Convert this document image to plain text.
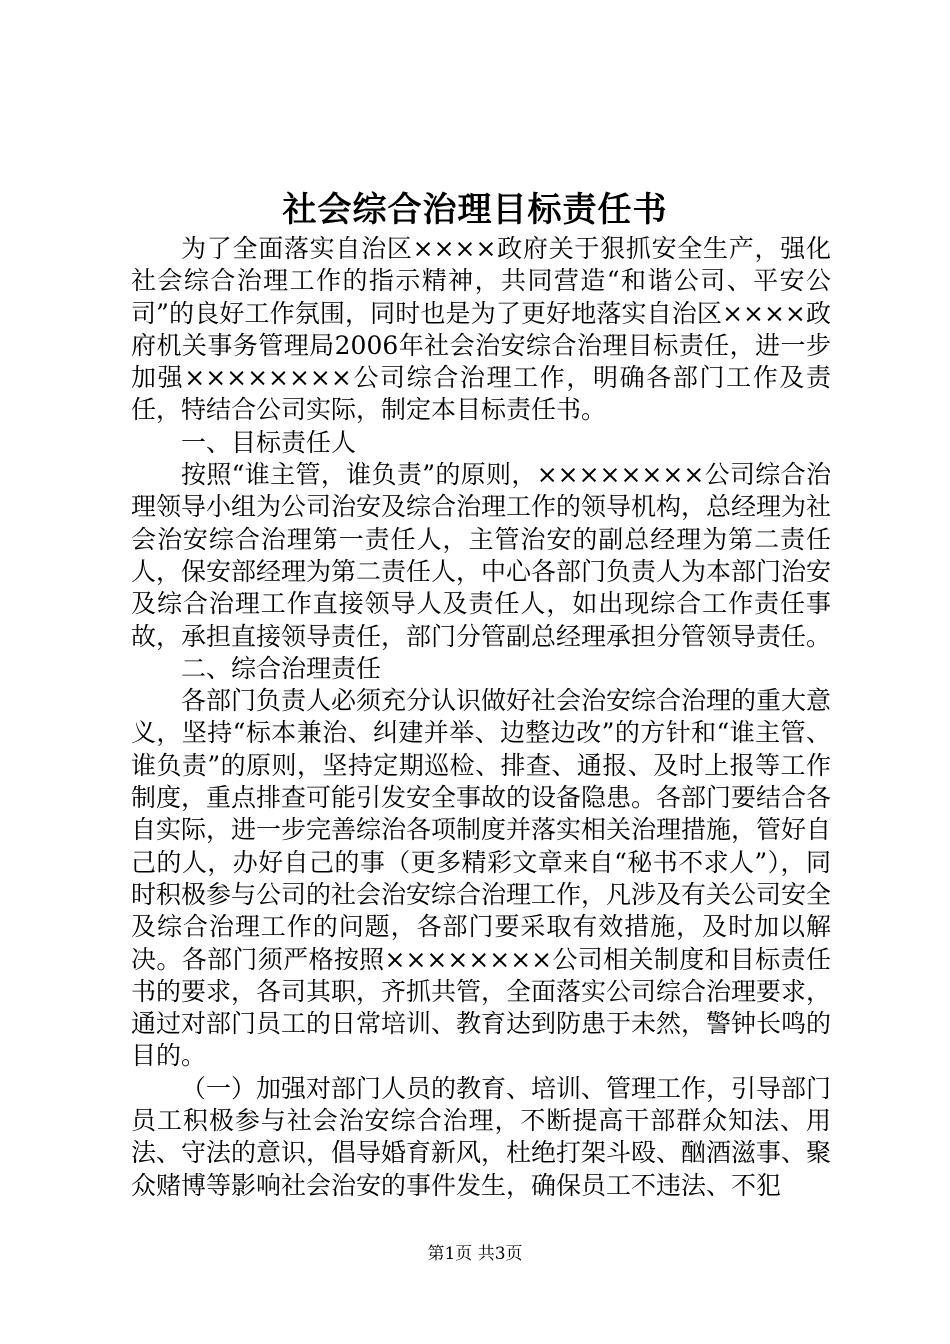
社会综合治理目标责任书

为了全面落实自治区××××政府关于狠抓安全生产，强化社会综合治理工作的指示精神，共同营造“和谐公司、平安公司”的良好工作氛围，同时也是为了更好地落实自治区××××政府机关事务管理局2006年社会治安综合治理目标责任，进一步加强××××××××公司综合治理工作，明确各部门工作及责任，特结合公司实际，制定本目标责任书。

一、目标责任人

按照“谁主管，谁负责”的原则，××××××××公司综合治理领导小组为公司治安及综合治理工作的领导机构，总经理为社会治安综合治理第一责任人，主管治安的副总经理为第二责任人，保安部经理为第二责任人，中心各部门负责人为本部门治安及综合治理工作直接领导人及责任人，如出现综合工作责任事故，承担直接领导责任，部门分管副总经理承担分管领导责任。

二、综合治理责任

各部门负责人必须充分认识做好社会治安综合治理的重大意义，坚持“标本兼治、纠建并举、边整边改”的方针和“谁主管、谁负责”的原则，坚持定期巡检、排查、通报、及时上报等工作制度，重点排查可能引发安全事故的设备隐患。各部门要结合各自实际，进一步完善综治各项制度并落实相关治理措施，管好自己的人，办好自己的事（更多精彩文章来自“秘书不求人”），同时积极参与公司的社会治安综合治理工作，凡涉及有关公司安全及综合治理工作的问题，各部门要采取有效措施，及时加以解决。各部门须严格按照××××××××公司相关制度和目标责任书的要求，各司其职，齐抓共管，全面落实公司综合治理要求，通过对部门员工的日常培训、教育达到防患于未然，警钟长鸣的目的。

（一）加强对部门人员的教育、培训、管理工作，引导部门员工积极参与社会治安综合治理，不断提高干部群众知法、用法、守法的意识，倡导婚育新风，杜绝打架斗殴、酗酒滋事、聚众赌博等影响社会治安的事件发生，确保员工不违法、不犯

第1页 共3页
